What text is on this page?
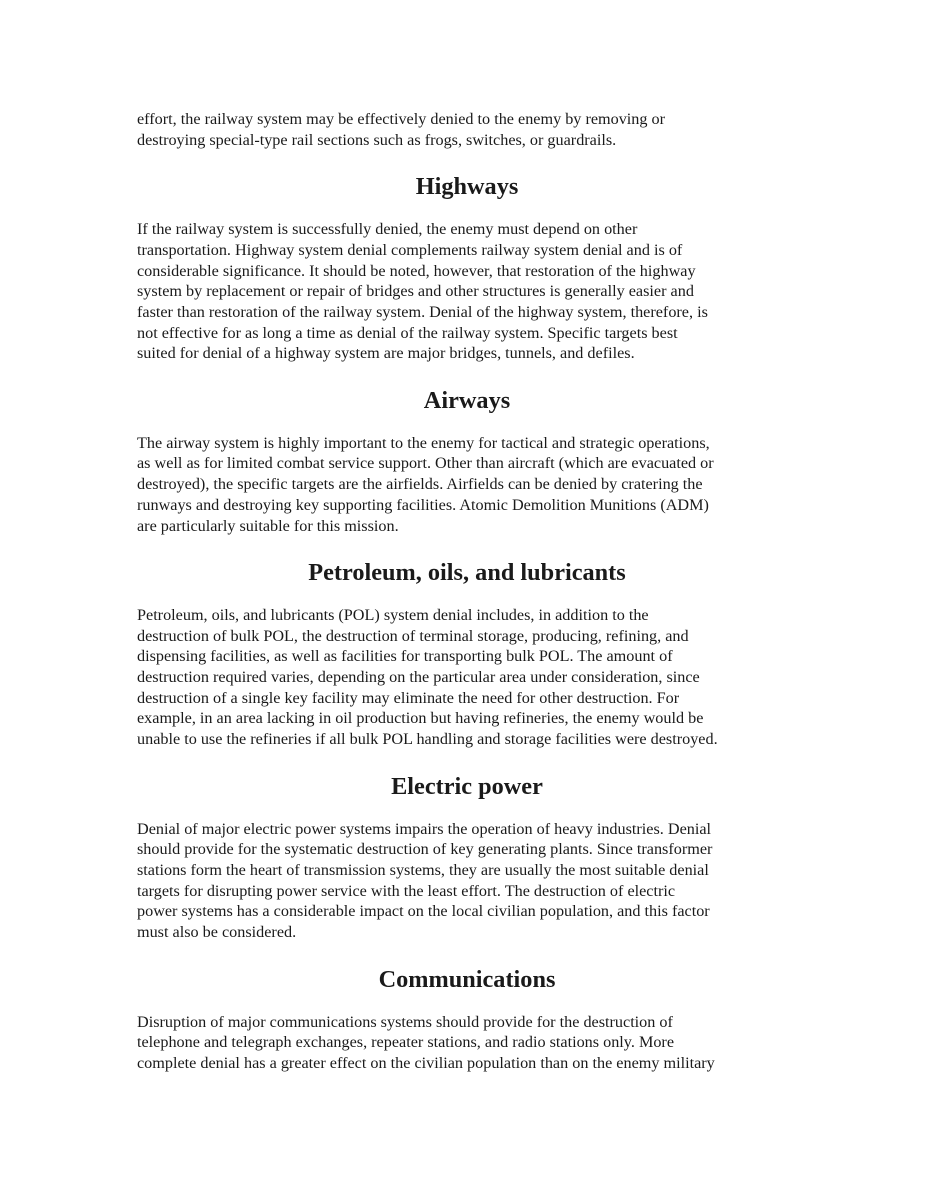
effort, the railway system may be effectively denied to the enemy by removing or
destroying special-type rail sections such as frogs, switches, or guardrails.

Highways

If the railway system is successfully denied, the enemy must depend on other
transportation. Highway system denial complements railway system denial and is of
considerable significance. It should be noted, however, that restoration of the highway
system by replacement or repair of bridges and other structures is generally easier and
faster than restoration of the railway system. Denial of the highway system, therefore, is
not effective for as long a time as denial of the railway system. Specific targets best
suited for denial of a highway system are major bridges, tunnels, and defiles.

Airways

The airway system is highly important to the enemy for tactical and strategic operations,
as well as for limited combat service support. Other than aircraft (which are evacuated or
destroyed), the specific targets are the airfields. Airfields can be denied by cratering the
runways and destroying key supporting facilities. Atomic Demolition Munitions (ADM)
are particularly suitable for this mission.

Petroleum, oils, and lubricants

Petroleum, oils, and lubricants (POL) system denial includes, in addition to the
destruction of bulk POL, the destruction of terminal storage, producing, refining, and
dispensing facilities, as well as facilities for transporting bulk POL. The amount of
destruction required varies, depending on the particular area under consideration, since
destruction of a single key facility may eliminate the need for other destruction. For
example, in an area lacking in oil production but having refineries, the enemy would be
unable to use the refineries if all bulk POL handling and storage facilities were destroyed.

Electric power

Denial of major electric power systems impairs the operation of heavy industries. Denial
should provide for the systematic destruction of key generating plants. Since transformer
stations form the heart of transmission systems, they are usually the most suitable denial
targets for disrupting power service with the least effort. The destruction of electric
power systems has a considerable impact on the local civilian population, and this factor
must also be considered.

Communications

Disruption of major communications systems should provide for the destruction of
telephone and telegraph exchanges, repeater stations, and radio stations only. More
complete denial has a greater effect on the civilian population than on the enemy military
